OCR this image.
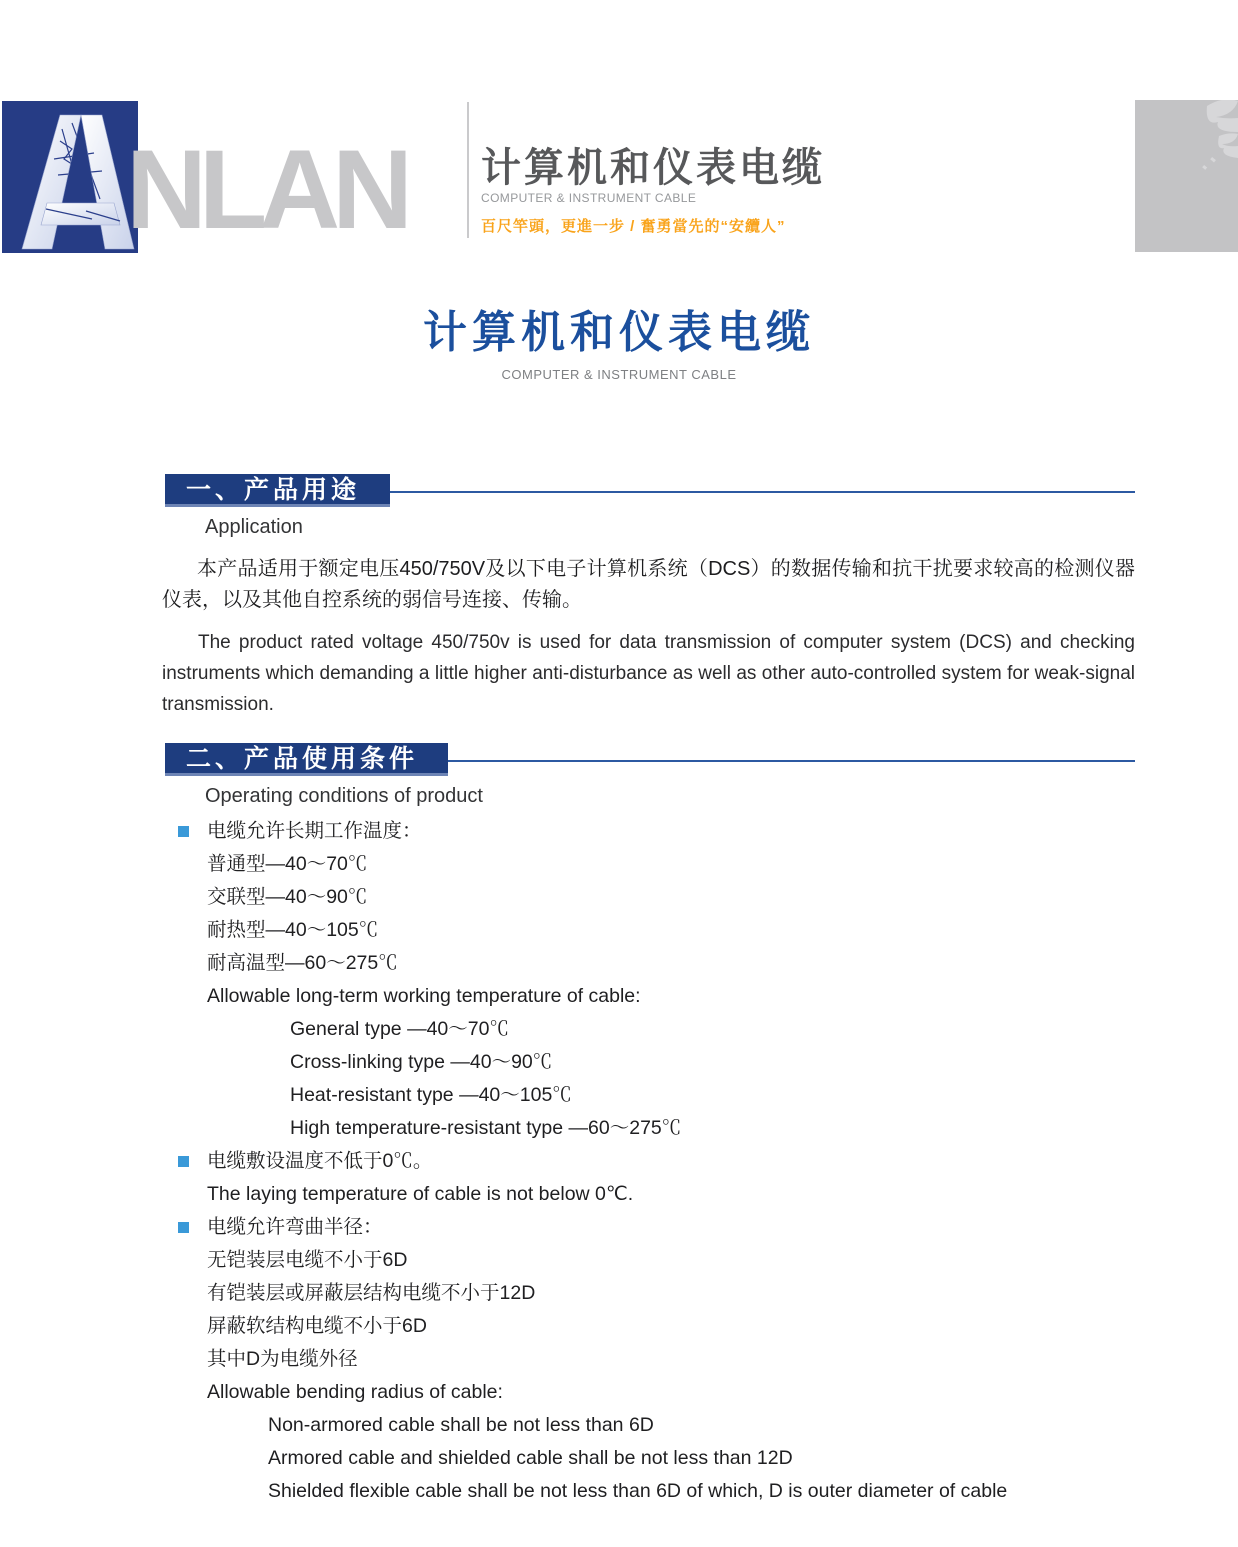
NLAN 计算机和仪表电缆
COMPUTER & INSTRUMENT CABLE
百尺竿頭，更進一步 / 奮勇當先的“安纜人”
计算机和仪表电缆
COMPUTER & INSTRUMENT CABLE
一、产品用途
Application
本产品适用于额定电压450/750V及以下电子计算机系统（DCS）的数据传输和抗干扰要求较高的检测仪器仪表，以及其他自控系统的弱信号连接、传输。
The product rated voltage 450/750v is used for data transmission of computer system (DCS) and checking instruments which demanding a little higher anti-disturbance as well as other auto-controlled system for weak-signal transmission.
二、产品使用条件
Operating conditions of product
电缆允许长期工作温度：
普通型—40～70℃
交联型—40～90℃
耐热型—40～105℃
耐高温型—60～275℃
Allowable long-term working temperature of cable:
General type —40～70℃
Cross-linking type —40～90℃
Heat-resistant type —40～105℃
High temperature-resistant type —60～275℃
电缆敷设温度不低于0℃。
The laying temperature of cable is not below 0℃.
电缆允许弯曲半径：
无铠装层电缆不小于6D
有铠装层或屏蔽层结构电缆不小于12D
屏蔽软结构电缆不小于6D
其中D为电缆外径
Allowable bending radius of cable:
Non-armored cable shall be not less than 6D
Armored cable and shielded cable shall be not less than 12D
Shielded flexible cable shall be not less than 6D of which, D is outer diameter of cable
